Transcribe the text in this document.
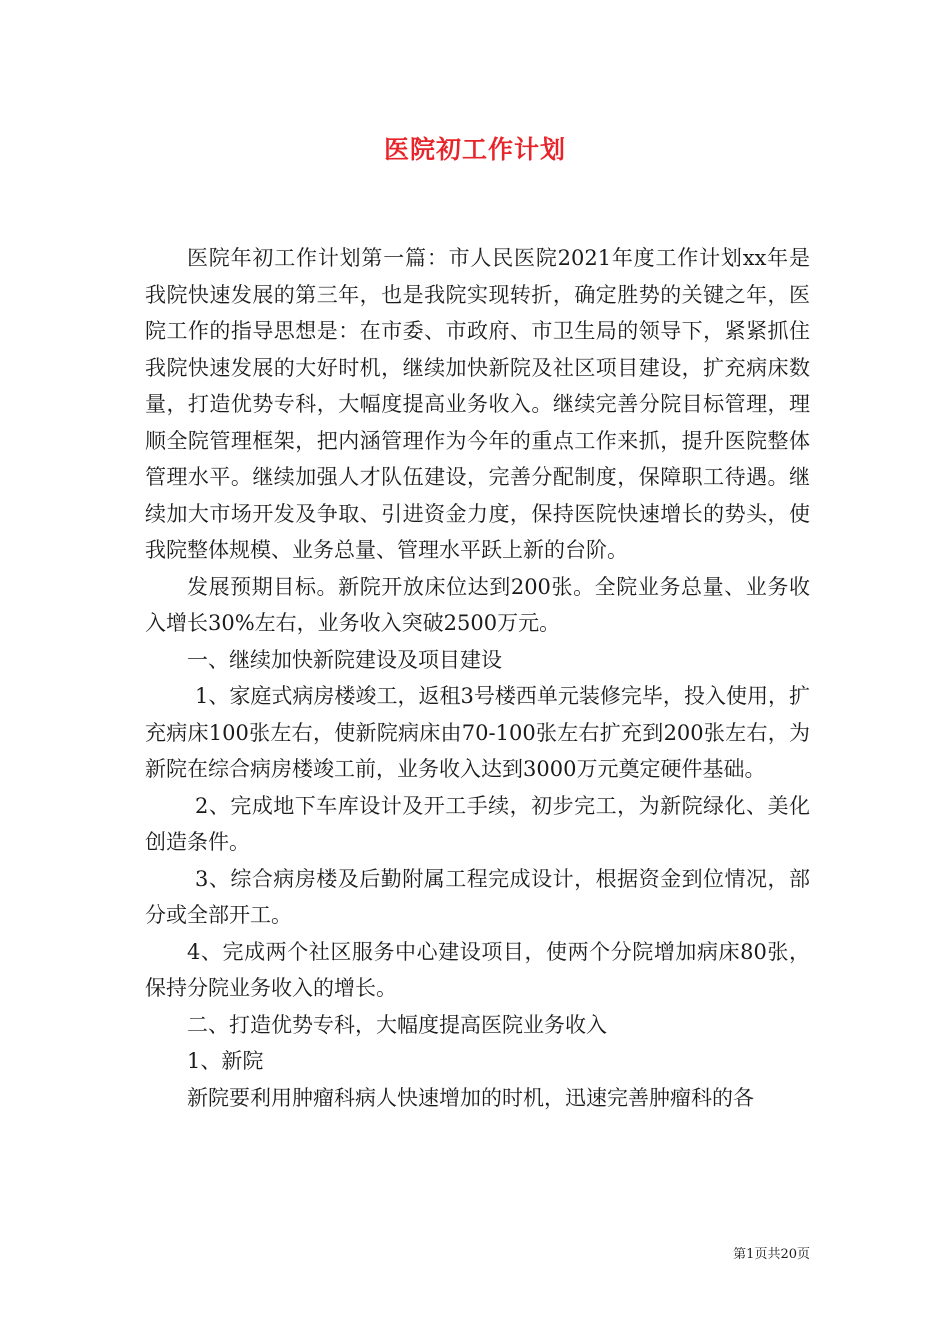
医院初工作计划

医院年初工作计划第一篇：市人民医院2021年度工作计划xx年是我院快速发展的第三年，也是我院实现转折，确定胜势的关键之年，医院工作的指导思想是：在市委、市政府、市卫生局的领导下，紧紧抓住我院快速发展的大好时机，继续加快新院及社区项目建设，扩充病床数量，打造优势专科，大幅度提高业务收入。继续完善分院目标管理，理顺全院管理框架，把内涵管理作为今年的重点工作来抓，提升医院整体管理水平。继续加强人才队伍建设，完善分配制度，保障职工待遇。继续加大市场开发及争取、引进资金力度，保持医院快速增长的势头，使我院整体规模、业务总量、管理水平跃上新的台阶。

发展预期目标。新院开放床位达到200张。全院业务总量、业务收入增长30%左右，业务收入突破2500万元。

一、继续加快新院建设及项目建设

1、家庭式病房楼竣工，返租3号楼西单元装修完毕，投入使用，扩充病床100张左右，使新院病床由70-100张左右扩充到200张左右，为新院在综合病房楼竣工前，业务收入达到3000万元奠定硬件基础。

2、完成地下车库设计及开工手续，初步完工，为新院绿化、美化创造条件。

3、综合病房楼及后勤附属工程完成设计，根据资金到位情况，部分或全部开工。

4、完成两个社区服务中心建设项目，使两个分院增加病床80张，保持分院业务收入的增长。

二、打造优势专科，大幅度提高医院业务收入

1、新院

新院要利用肿瘤科病人快速增加的时机，迅速完善肿瘤科的各

第1页共20页
